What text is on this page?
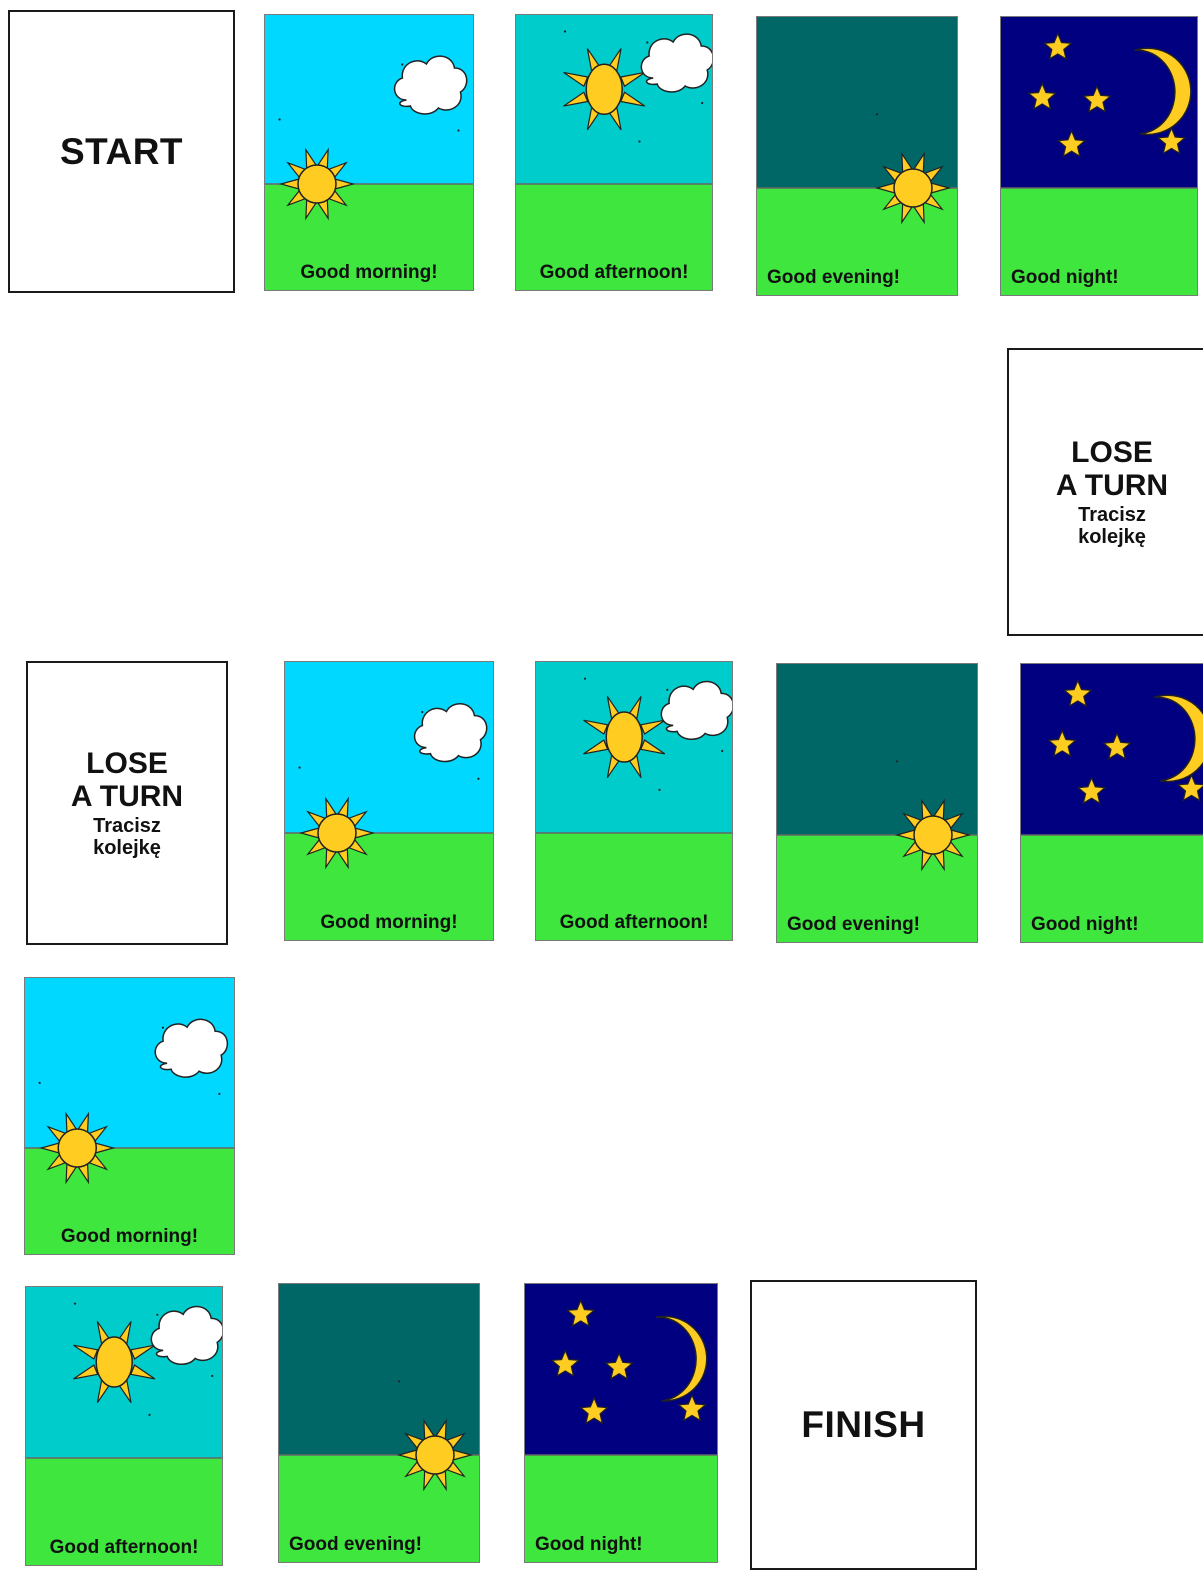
START
Good morning!	Good afternoon!	Good evening!	Good night!
LOSE
A TURN
Tracisz
kolejkę
LOSE
A TURN
Tracisz
kolejkę
Good morning!	Good afternoon!	Good evening!	Good night!
Good morning!
Good afternoon!	Good evening!	Good night!
FINISH
